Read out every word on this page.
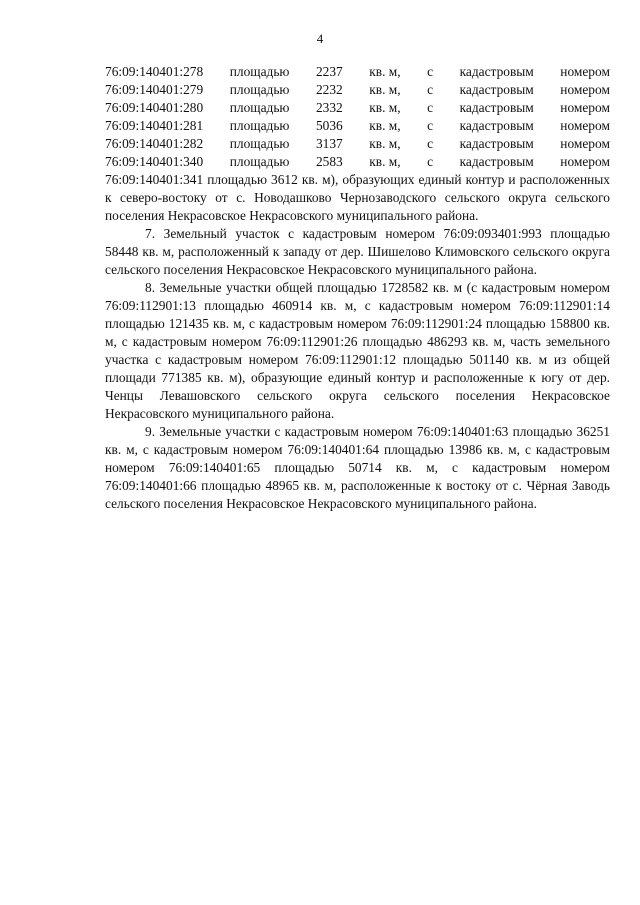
4
76:09:140401:278 площадью 2237 кв. м, с кадастровым номером
76:09:140401:279 площадью 2232 кв. м, с кадастровым номером
76:09:140401:280 площадью 2332 кв. м, с кадастровым номером
76:09:140401:281 площадью 5036 кв. м, с кадастровым номером
76:09:140401:282 площадью 3137 кв. м, с кадастровым номером
76:09:140401:340 площадью 2583 кв. м, с кадастровым номером

76:09:140401:341 площадью 3612 кв. м), образующих единый контур и расположенных к северо-востоку от с. Новодашково Чернозаводского сельского округа сельского поселения Некрасовское Некрасовского муниципального района.

7. Земельный участок с кадастровым номером 76:09:093401:993 площадью 58448 кв. м, расположенный к западу от дер. Шишелово Климовского сельского округа сельского поселения Некрасовское Некрасовского муниципального района.

8. Земельные участки общей площадью 1728582 кв. м (с кадастровым номером 76:09:112901:13 площадью 460914 кв. м, с кадастровым номером 76:09:112901:14 площадью 121435 кв. м, с кадастровым номером 76:09:112901:24 площадью 158800 кв. м, с кадастровым номером 76:09:112901:26 площадью 486293 кв. м, часть земельного участка с кадастровым номером 76:09:112901:12 площадью 501140 кв. м из общей площади 771385 кв. м), образующие единый контур и расположенные к югу от дер. Ченцы Левашовского сельского округа сельского поселения Некрасовское Некрасовского муниципального района.

9. Земельные участки с кадастровым номером 76:09:140401:63 площадью 36251 кв. м, с кадастровым номером 76:09:140401:64 площадью 13986 кв. м, с кадастровым номером 76:09:140401:65 площадью 50714 кв. м, с кадастровым номером 76:09:140401:66 площадью 48965 кв. м, расположенные к востоку от с. Чёрная Заводь сельского поселения Некрасовское Некрасовского муниципального района.
